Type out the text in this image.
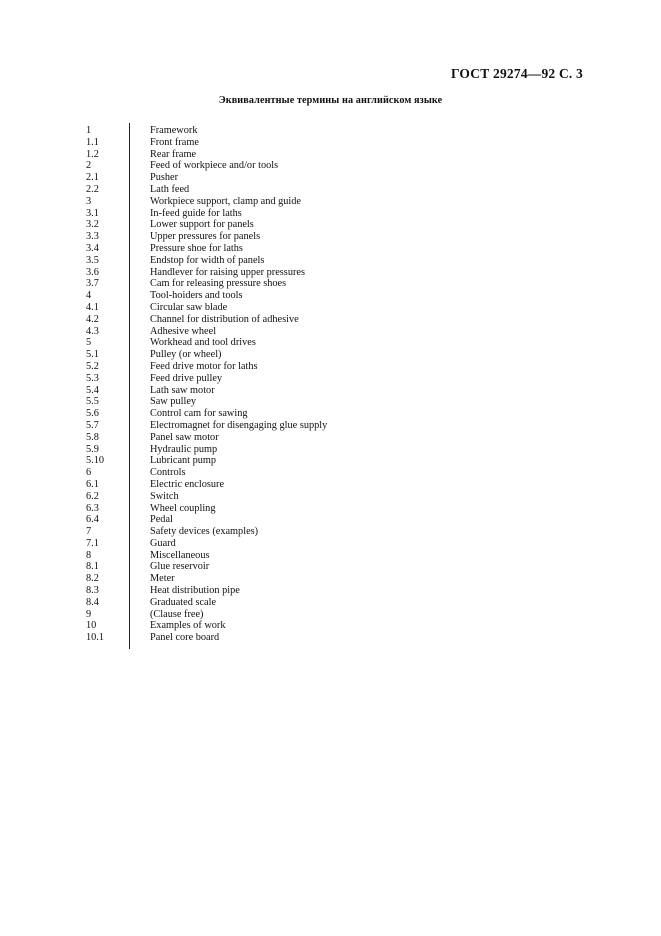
ГОСТ 29274—92 С. 3
Эквивалентные термины на английском языке
1	Framework
1.1	Front frame
1.2	Rear frame
2	Feed of workpiece and/or tools
2.1	Pusher
2.2	Lath feed
3	Workpiece support, clamp and guide
3.1	In-feed guide for laths
3.2	Lower support for panels
3.3	Upper pressures for panels
3.4	Pressure shoe for laths
3.5	Endstop for width of panels
3.6	Handlever for raising upper pressures
3.7	Cam for releasing pressure shoes
4	Tool-hoiders and tools
4.1	Circular saw blade
4.2	Channel for distribution of adhesive
4.3	Adhesive wheel
5	Workhead and tool drives
5.1	Pulley (or wheel)
5.2	Feed drive motor for laths
5.3	Feed drive pulley
5.4	Lath saw motor
5.5	Saw pulley
5.6	Control cam for sawing
5.7	Electromagnet for disengaging glue supply
5.8	Panel saw motor
5.9	Hydraulic pump
5.10	Lubricant pump
6	Controls
6.1	Electric enclosure
6.2	Switch
6.3	Wheel coupling
6.4	Pedal
7	Safety devices (examples)
7.1	Guard
8	Miscellaneous
8.1	Glue reservoir
8.2	Meter
8.3	Heat distribution pipe
8.4	Graduated scale
9	(Clause free)
10	Examples of work
10.1	Panel core board
